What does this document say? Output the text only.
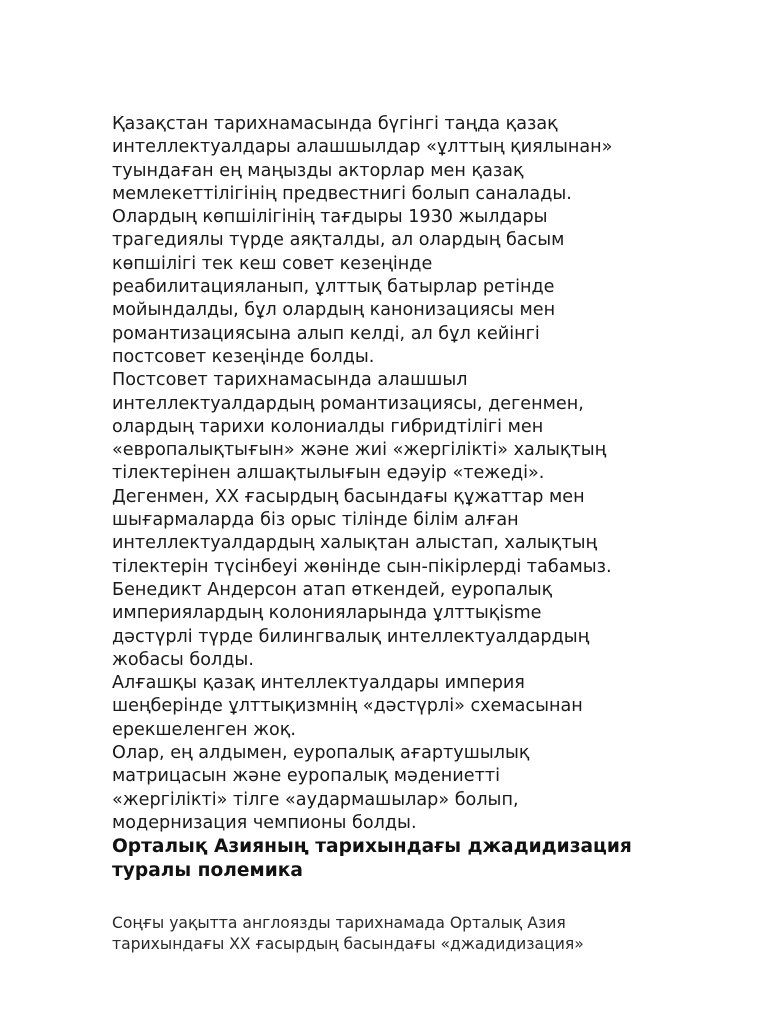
Қазақстан тарихнамасында бүгінгі таңда қазақ
интеллектуалдары алашшылдар «ұлттың қиялынан»
туындаған ең маңызды акторлар мен қазақ
мемлекеттілігінің предвестнигі болып саналады.
Олардың көпшілігінің тағдыры 1930 жылдары
трагедиялы түрде аяқталды, ал олардың басым
көпшілігі тек кеш совет кезеңінде
реабилитацияланып, ұлттық батырлар ретінде
мойындалды, бұл олардың канонизациясы мен
романтизациясына алып келді, ал бұл кейінгі
постсовет кезеңінде болды.
Постсовет тарихнамасында алашшыл
интеллектуалдардың романтизациясы, дегенмен,
олардың тарихи колониалды гибридтілігі мен
«европалықтығын» және жиі «жергілікті» халықтың
тілектерінен алшақтылығын едәуір «тежеді».
Дегенмен, ХХ ғасырдың басындағы құжаттар мен
шығармаларда біз орыс тілінде білім алған
интеллектуалдардың халықтан алыстап, халықтың
тілектерін түсінбеуі жөнінде сын-пікірлерді табамыз.
Бенедикт Андерсон атап өткендей, еуропалық
империялардың колонияларында ұлттықisme
дәстүрлі түрде билингвалық интеллектуалдардың
жобасы болды.
Алғашқы қазақ интеллектуалдары империя
шеңберінде ұлттықизмнің «дәстүрлі» схемасынан
ерекшеленген жоқ.
Олар, ең алдымен, еуропалық ағартушылық
матрицасын және еуропалық мәдениетті
«жергілікті» тілге «аудармашылар» болып,
модернизация чемпионы болды.

Орталық Азияның тарихындағы джадидизация
туралы полемика

Соңғы уақытта англоязды тарихнамада Орталық Азия
тарихындағы ХХ ғасырдың басындағы «джадидизация»
